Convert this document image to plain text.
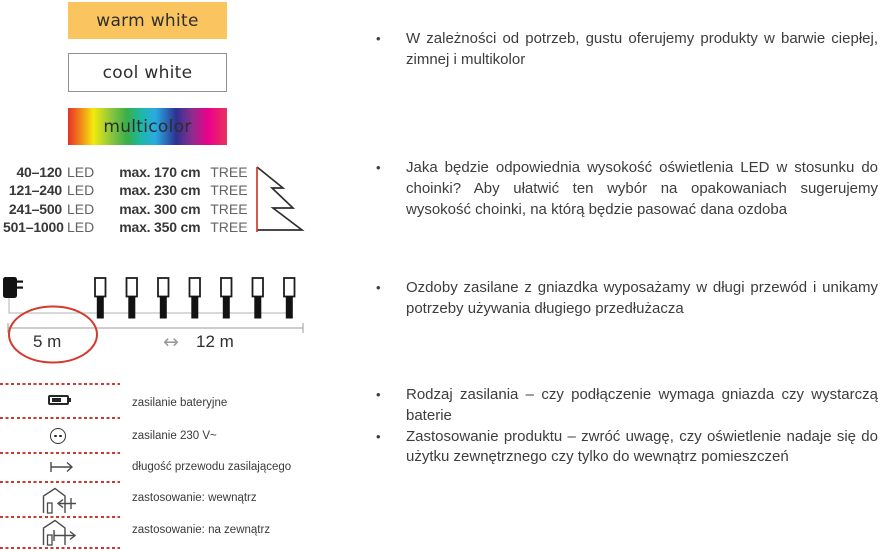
warm white
cool white
multicolor
40–120 LED max. 170 cm TREE
121–240 LED max. 230 cm TREE
241–500 LED max. 300 cm TREE
501–1000 LED max. 350 cm TREE
5 m	↔ 12 m
zasilanie bateryjne
zasilanie 230 V~
długość przewodu zasilającego
zastosowanie: wewnątrz
zastosowanie: na zewnątrz
•	W zależności od potrzeb, gustu oferujemy produkty w barwie ciepłej, zimnej i multikolor
•	Jaka będzie odpowiednia wysokość oświetlenia LED w stosunku do choinki? Aby ułatwić ten wybór na opakowaniach sugerujemy wysokość choinki, na którą będzie pasować dana ozdoba
•	Ozdoby zasilane z gniazdka wyposażamy w długi przewód i unikamy potrzeby używania długiego przedłużacza
•	Rodzaj zasilania – czy podłączenie wymaga gniazda czy wystarczą baterie
•	Zastosowanie produktu – zwróć uwagę, czy oświetlenie nadaje się do użytku zewnętrznego czy tylko do wewnątrz pomieszczeń
